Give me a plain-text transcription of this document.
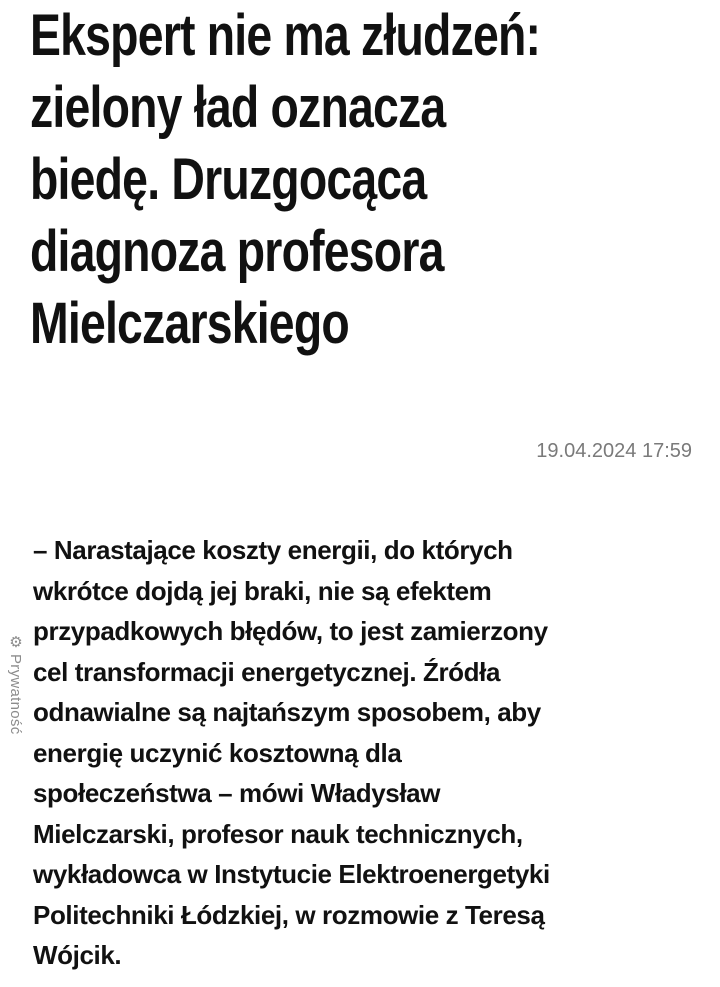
Ekspert nie ma złudzeń:
zielony ład oznacza
biedę. Druzgocąca
diagnoza profesora
Mielczarskiego
19.04.2024 17:59

– Narastające koszty energii, do których
wkrótce dojdą jej braki, nie są efektem
przypadkowych błędów, to jest zamierzony
cel transformacji energetycznej. Źródła
odnawialne są najtańszym sposobem, aby
energię uczynić kosztowną dla
społeczeństwa – mówi Władysław
Mielczarski, profesor nauk technicznych,
wykładowca w Instytucie Elektroenergetyki
Politechniki Łódzkiej, w rozmowie z Teresą
Wójcik.

⚙
Prywatność
